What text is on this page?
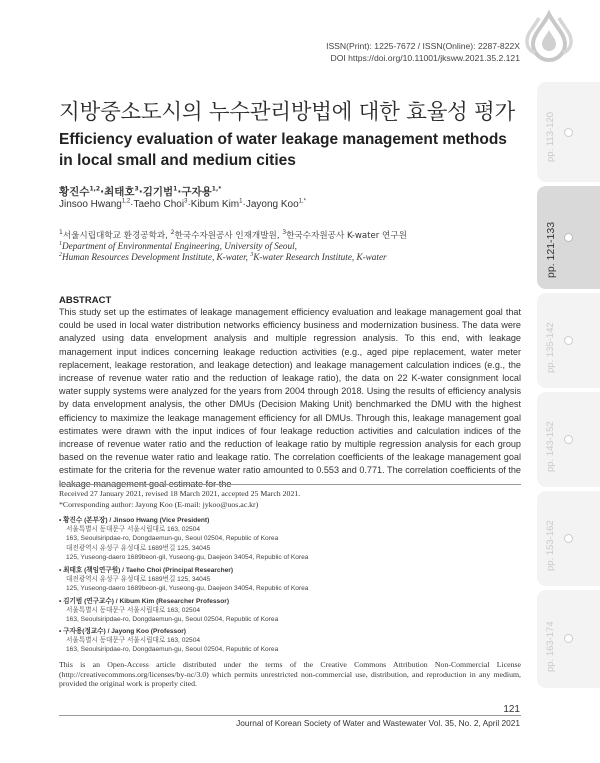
ISSN(Print): 1225-7672 / ISSN(Online): 2287-822X
DOI https://doi.org/10.11001/jksww.2021.35.2.121
pp. 113-120
pp. 121-133
pp. 135-142
pp. 143-152
pp. 153-162
pp. 163-174
지방중소도시의 누수관리방법에 대한 효율성 평가
Efficiency evaluation of water leakage management methods in local small and medium cities
황진수$^{1,2}$·최태호$^3$·김기범$^1$·구자용$^{1,*}$
Jinsoo Hwang$^{1,2}$·Taeho Choi$^3$·Kibum Kim$^1$·Jayong Koo$^{1,*}$
$^1$서울시립대학교 환경공학과, $^2$한국수자원공사 인재개발원, $^3$한국수자원공사 K-water 연구원
$^1$Department of Environmental Engineering, University of Seoul,
$^2$Human Resources Development Institute, K-water, $^3$K-water Research Institute, K-water
ABSTRACT
This study set up the estimates of leakage management efficiency evaluation and leakage management goal that could be used in local water distribution networks efficiency business and modernization business. The data were analyzed using data envelopment analysis and multiple regression analysis. To this end, with leakage management input indices concerning leakage reduction activities (e.g., aged pipe replacement, water meter replacement, leakage restoration, and leakage detection) and leakage management calculation indices (e.g., the increase of revenue water ratio and the reduction of leakage ratio), the data on 22 K-water consignment local water supply systems were analyzed for the years from 2004 through 2018. Using the results of efficiency analysis by data envelopment analysis, the other DMUs (Decision Making Unit) benchmarked the DMU with the highest efficiency to maximize the leakage management efficiency for all DMUs. Through this, leakage management goal estimates were drawn with the input indices of four leakage reduction activities and calculation indices of the increase of revenue water ratio and the reduction of leakage ratio by multiple regression analysis for each group based on the revenue water ratio and leakage ratio. The correlation coefficients of the leakage management goal estimate for the criteria for the revenue water ratio amounted to 0.553 and 0.771. The correlation coefficients of the leakage management goal estimate for the
Received 27 January 2021, revised 18 March 2021, accepted 25 March 2021.
*Corresponding author: Jayong Koo (E-mail: jykoo@uos.ac.kr)
• 황진수 (본부장) / Jinsoo Hwang (Vice President)
서울특별시 동대문구 서울시립대로 163, 02504
163, Seoulsiripdae-ro, Dongdaemun-gu, Seoul 02504, Republic of Korea
대전광역시 유성구 유성대로 1689번길 125, 34045
125, Yuseong-daero 1689beon-gil, Yuseong-gu, Daejeon 34054, Republic of Korea
• 최태호 (책임연구원) / Taeho Choi (Principal Researcher)
대전광역시 유성구 유성대로 1689번길 125, 34045
125, Yuseong-daero 1689beon-gil, Yuseong-gu, Daejeon 34054, Republic of Korea
• 김기범 (연구교수) / Kibum Kim (Researcher Professor)
서울특별시 동대문구 서울시립대로 163, 02504
163, Seoulsiripdae-ro, Dongdaemun-gu, Seoul 02504, Republic of Korea
• 구자용(정교수) / Jayong Koo (Professor)
서울특별시 동대문구 서울시립대로 163, 02504
163, Seoulsiripdae-ro, Dongdaemun-gu, Seoul 02504, Republic of Korea
This is an Open-Access article distributed under the terms of the Creative Commons Attribution Non-Commercial License (http://creativecommons.org/licenses/by-nc/3.0) which permits unrestricted non-commercial use, distribution, and reproduction in any medium, provided the original work is properly cited.
121
Journal of Korean Society of Water and Wastewater Vol. 35, No. 2, April 2021
